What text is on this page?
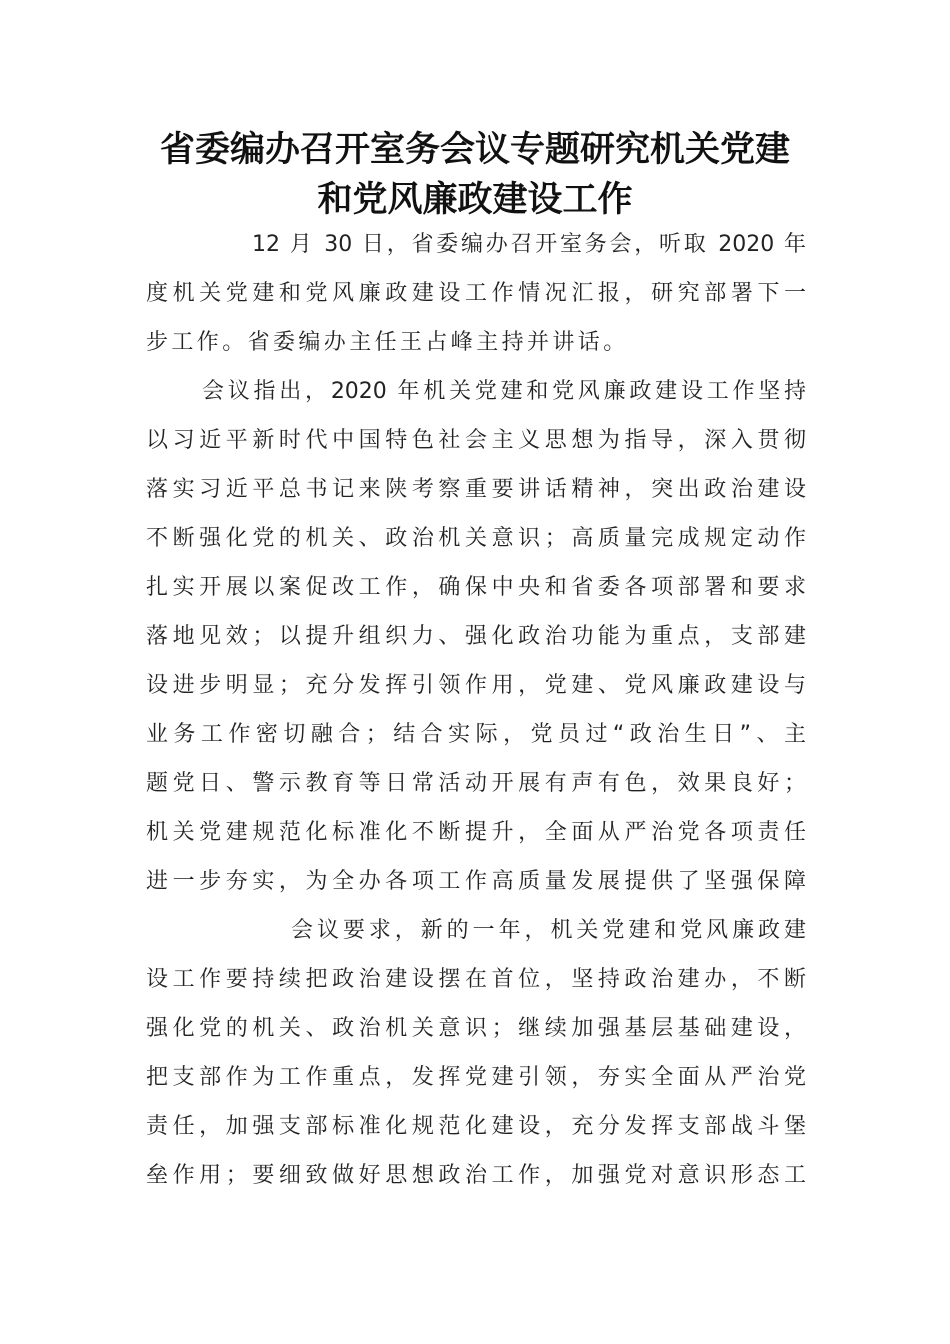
省委编办召开室务会议专题研究机关党建
和党风廉政建设工作
12 月 30 日，省委编办召开室务会，听取 2020 年
度机关党建和党风廉政建设工作情况汇报，研究部署下一
步工作。省委编办主任王占峰主持并讲话。
会议指出，2020 年机关党建和党风廉政建设工作坚持
以习近平新时代中国特色社会主义思想为指导，深入贯彻
落实习近平总书记来陕考察重要讲话精神，突出政治建设
不断强化党的机关、政治机关意识；高质量完成规定动作
扎实开展以案促改工作，确保中央和省委各项部署和要求
落地见效；以提升组织力、强化政治功能为重点，支部建
设进步明显；充分发挥引领作用，党建、党风廉政建设与
业务工作密切融合；结合实际，党员过“政治生日”、主
题党日、警示教育等日常活动开展有声有色，效果良好；
机关党建规范化标准化不断提升，全面从严治党各项责任
进一步夯实，为全办各项工作高质量发展提供了坚强保障
会议要求，新的一年，机关党建和党风廉政建
设工作要持续把政治建设摆在首位，坚持政治建办，不断
强化党的机关、政治机关意识；继续加强基层基础建设，
把支部作为工作重点，发挥党建引领，夯实全面从严治党
责任，加强支部标准化规范化建设，充分发挥支部战斗堡
垒作用；要细致做好思想政治工作，加强党对意识形态工
